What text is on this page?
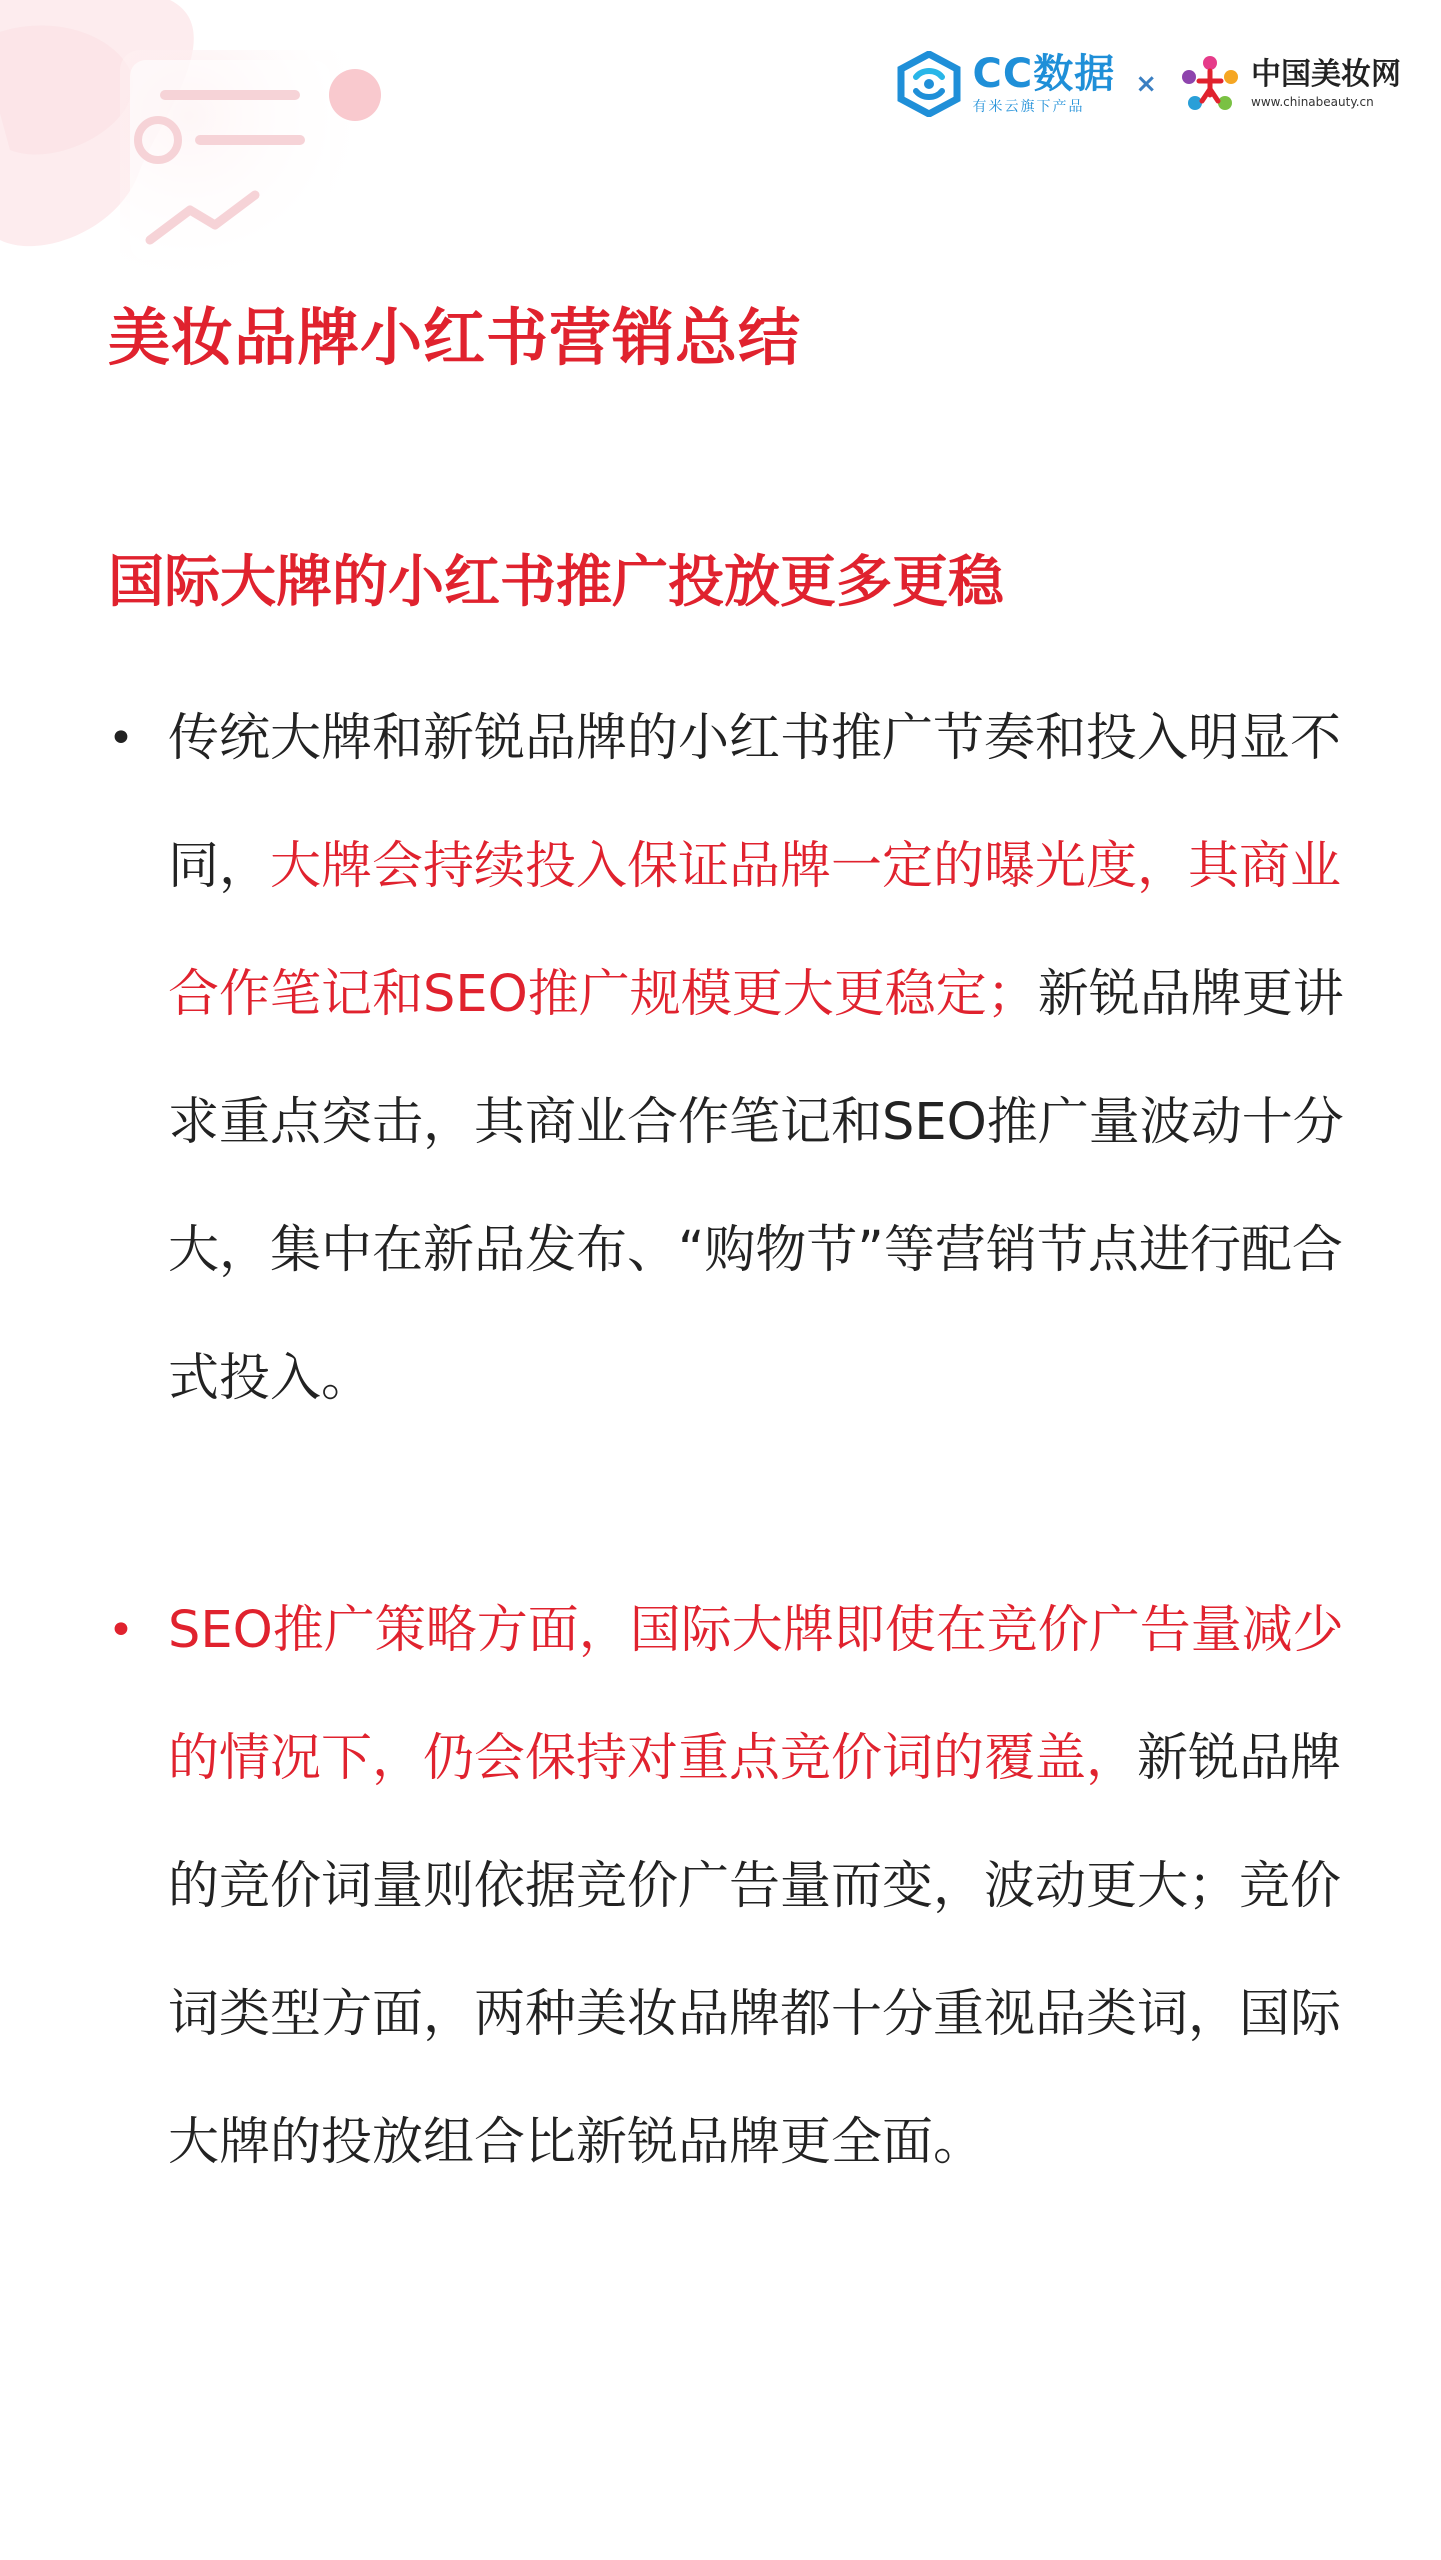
CC数据
有米云旗下产品
×	中国美妆网
www.chinabeauty.cn
美妆品牌小红书营销总结
国际大牌的小红书推广投放更多更稳
• 传统大牌和新锐品牌的小红书推广节奏和投入明显不同，大牌会持续投入保证品牌一定的曝光度，其商业合作笔记和SEO推广规模更大更稳定；新锐品牌更讲求重点突击，其商业合作笔记和SEO推广量波动十分大，集中在新品发布、“购物节”等营销节点进行配合式投入。

• SEO推广策略方面，国际大牌即使在竞价广告量减少的情况下，仍会保持对重点竞价词的覆盖，新锐品牌的竞价词量则依据竞价广告量而变，波动更大；竞价词类型方面，两种美妆品牌都十分重视品类词，国际大牌的投放组合比新锐品牌更全面。
